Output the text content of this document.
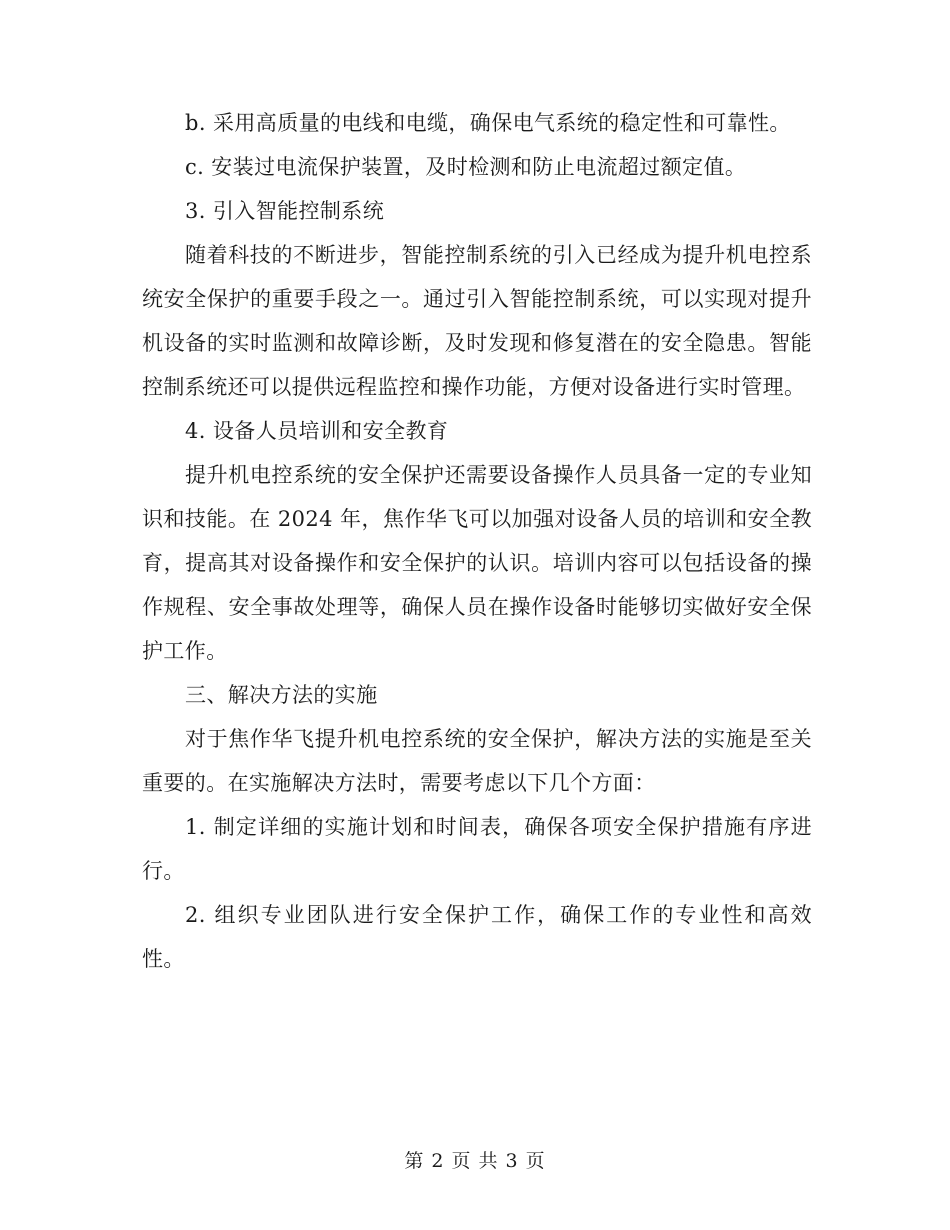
b. 采用高质量的电线和电缆，确保电气系统的稳定性和可靠性。

c. 安装过电流保护装置，及时检测和防止电流超过额定值。

3. 引入智能控制系统

随着科技的不断进步，智能控制系统的引入已经成为提升机电控系统安全保护的重要手段之一。通过引入智能控制系统，可以实现对提升机设备的实时监测和故障诊断，及时发现和修复潜在的安全隐患。智能控制系统还可以提供远程监控和操作功能，方便对设备进行实时管理。

4. 设备人员培训和安全教育

提升机电控系统的安全保护还需要设备操作人员具备一定的专业知识和技能。在 2024 年，焦作华飞可以加强对设备人员的培训和安全教育，提高其对设备操作和安全保护的认识。培训内容可以包括设备的操作规程、安全事故处理等，确保人员在操作设备时能够切实做好安全保护工作。

三、解决方法的实施

对于焦作华飞提升机电控系统的安全保护，解决方法的实施是至关重要的。在实施解决方法时，需要考虑以下几个方面：

1. 制定详细的实施计划和时间表，确保各项安全保护措施有序进行。

2. 组织专业团队进行安全保护工作，确保工作的专业性和高效性。

第 2 页 共 3 页
